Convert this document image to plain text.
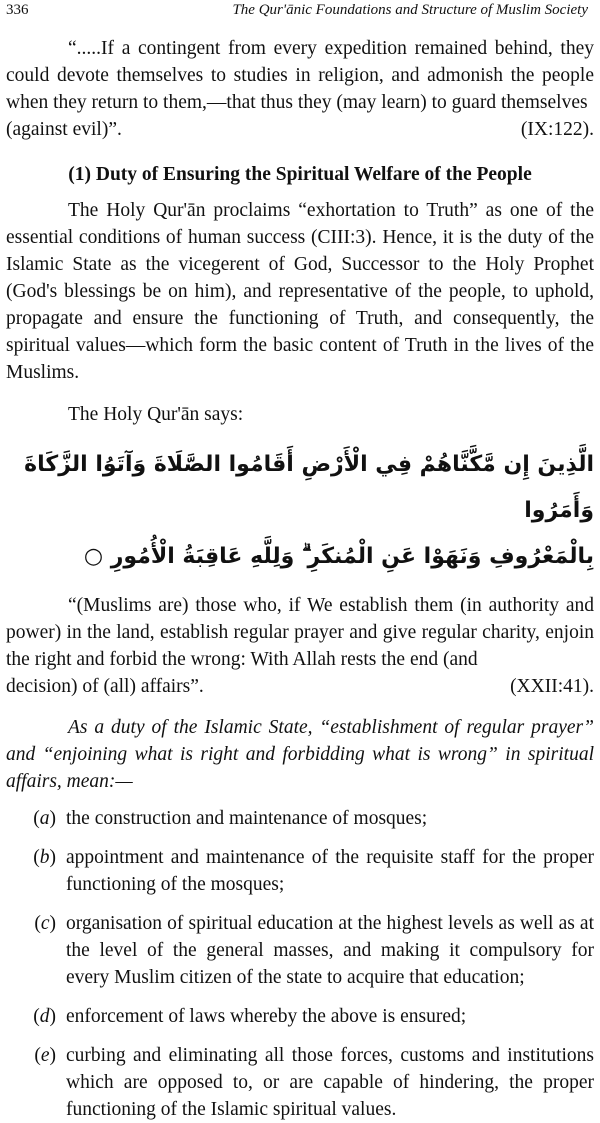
336	The Qur'ānic Foundations and Structure of Muslim Society

“.....If a contingent from every expedition remained behind, they could devote themselves to studies in religion, and admonish the people when they return to them,—that thus they (may learn) to guard themselves

(against evil)”.	(IX:122).
(1) Duty of Ensuring the Spiritual Welfare of the People

The Holy Qur'ān proclaims “exhortation to Truth” as one of the essential conditions of human success (CIII:3). Hence, it is the duty of the Islamic State as the vicegerent of God, Successor to the Holy Prophet (God's blessings be on him), and representative of the people, to uphold, propagate and ensure the functioning of Truth, and consequently, the spiritual values—which form the basic content of Truth in the lives of the Muslims.

The Holy Qur'ān says:

الَّذِينَ إِن مَّكَّنَّاهُمْ فِي الْأَرْضِ أَقَامُوا الصَّلَاةَ وَآتَوُا الزَّكَاةَ وَأَمَرُوا
بِالْمَعْرُوفِ وَنَهَوْا عَنِ الْمُنكَرِ ۗ وَلِلَّهِ عَاقِبَةُ الْأُمُورِ ○

“(Muslims are) those who, if We establish them (in authority and power) in the land, establish regular prayer and give regular charity, enjoin the right and forbid the wrong: With Allah rests the end (and

decision) of (all) affairs”.	(XXII:41).

As a duty of the Islamic State, “establishment of regular prayer” and “enjoining what is right and forbidding what is wrong” in spiritual affairs, mean:—

(a) the construction and maintenance of mosques;
(b) appointment and maintenance of the requisite staff for the proper functioning of the mosques;
(c) organisation of spiritual education at the highest levels as well as at the level of the general masses, and making it compulsory for every Muslim citizen of the state to acquire that education;
(d) enforcement of laws whereby the above is ensured;
(e) curbing and eliminating all those forces, customs and institutions which are opposed to, or are capable of hindering, the proper functioning of the Islamic spiritual values.
